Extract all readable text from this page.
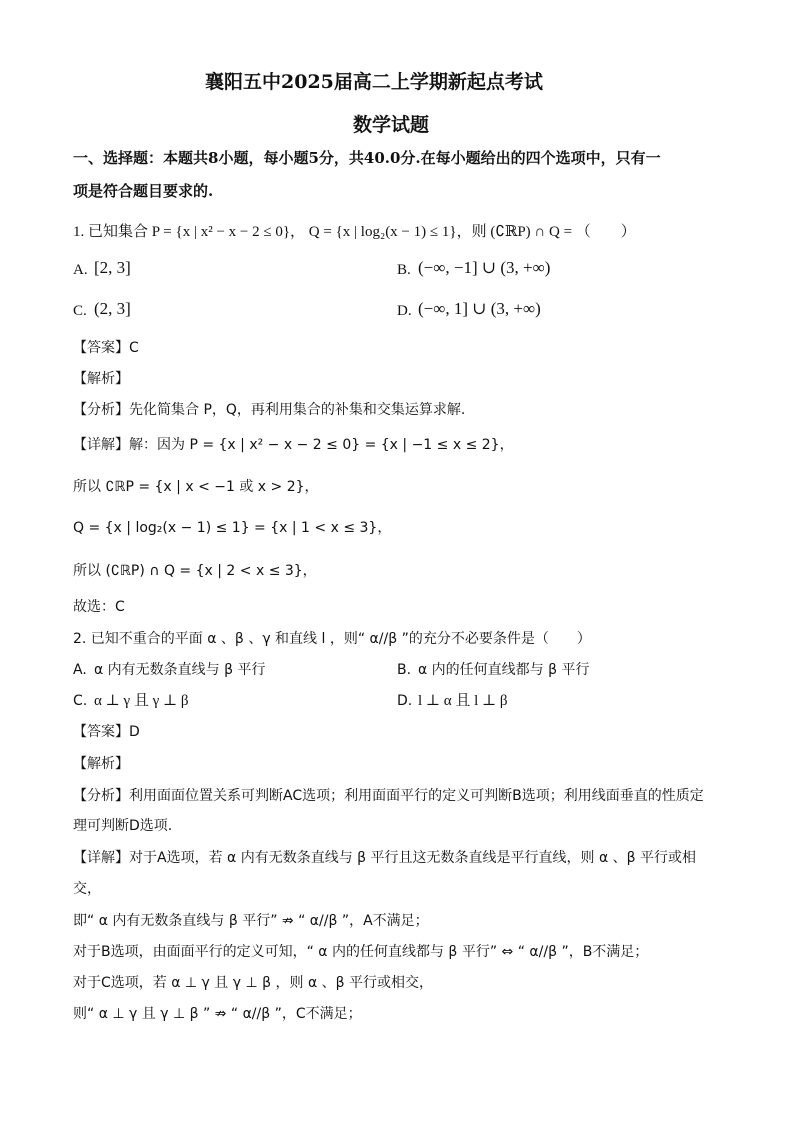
襄阳五中2025届高二上学期新起点考试
数学试题
一、选择题：本题共8小题，每小题5分，共40.0分.在每小题给出的四个选项中，只有一
项是符合题目要求的.
1. 已知集合 P = {x | x² − x − 2 ≤ 0}， Q = {x | log₂(x − 1) ≤ 1}，则 (∁ℝP) ∩ Q = （　　）
A. [2, 3]	B. (−∞, −1] ∪ (3, +∞)
C. (2, 3]	D. (−∞, 1] ∪ (3, +∞)
【答案】C
【解析】
【分析】先化简集合 P，Q，再利用集合的补集和交集运算求解.
【详解】解：因为 P = {x | x² − x − 2 ≤ 0} = {x | −1 ≤ x ≤ 2}，
所以 ∁ℝP = {x | x < −1 或 x > 2}，
Q = {x | log₂(x − 1) ≤ 1} = {x | 1 < x ≤ 3}，
所以 (∁ℝP) ∩ Q = {x | 2 < x ≤ 3}，
故选：C
2. 已知不重合的平面 α 、β 、γ 和直线 l ，则“ α//β ”的充分不必要条件是（　　）
A. α 内有无数条直线与 β 平行	B. α 内的任何直线都与 β 平行
C. α ⊥ γ 且 γ ⊥ β	D. l ⊥ α 且 l ⊥ β
【答案】D
【解析】
【分析】利用面面位置关系可判断AC选项；利用面面平行的定义可判断B选项；利用线面垂直的性质定
理可判断D选项.
【详解】对于A选项，若 α 内有无数条直线与 β 平行且这无数条直线是平行直线，则 α 、β 平行或相
交，
即“ α 内有无数条直线与 β 平行” ⇏ “ α//β ”，A不满足；
对于B选项，由面面平行的定义可知，“ α 内的任何直线都与 β 平行” ⇔ “ α//β ”，B不满足；
对于C选项，若 α ⊥ γ 且 γ ⊥ β ，则 α 、β 平行或相交，
则“ α ⊥ γ 且 γ ⊥ β ” ⇏ “ α//β ”，C不满足；
